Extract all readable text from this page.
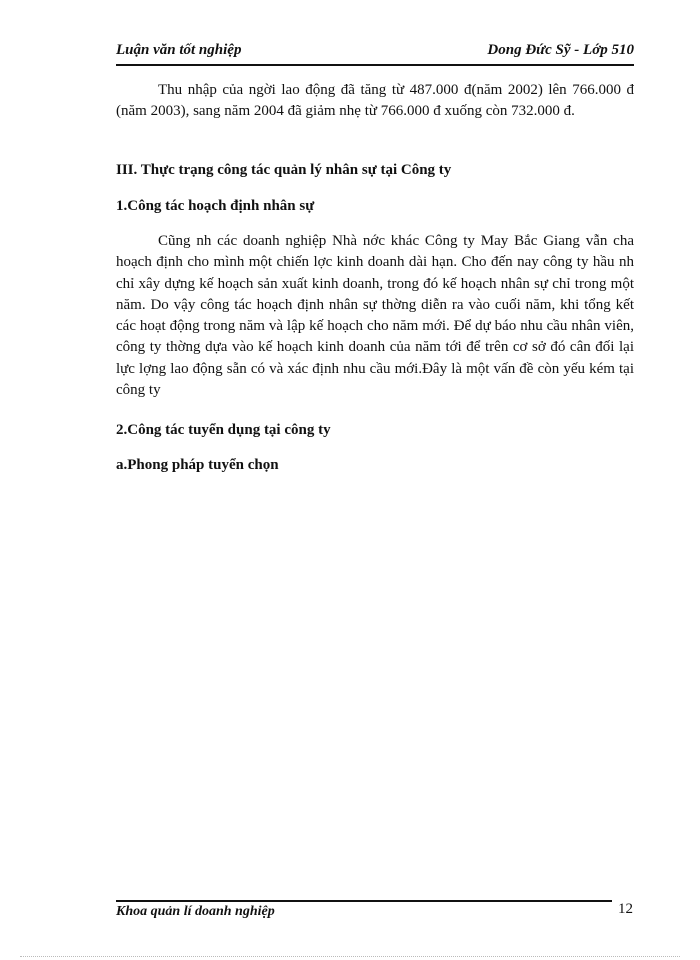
Luận văn tốt nghiệp	Dong Đức Sỹ - Lớp 510

Thu nhập của ngời lao động đã tăng từ 487.000 đ(năm 2002) lên 766.000 đ (năm 2003), sang năm 2004 đã giảm nhẹ từ 766.000 đ xuống còn 732.000 đ.

III. Thực trạng công tác quản lý nhân sự tại Công ty

1.Công tác hoạch định nhân sự

Cũng nh các doanh nghiệp Nhà nớc khác Công ty May Bắc Giang vẫn cha hoạch định cho mình một chiến lợc kinh doanh dài hạn. Cho đến nay công ty hầu nh chỉ xây dựng kế hoạch sản xuất kinh doanh, trong đó kế hoạch nhân sự chỉ trong một năm. Do vậy công tác hoạch định nhân sự thờng diễn ra vào cuối năm, khi tổng kết các hoạt động trong năm và lập kế hoạch cho năm mới. Để dự báo nhu cầu nhân viên, công ty thờng dựa vào kế hoạch kinh doanh của năm tới để trên cơ sở đó cân đối lại lực lợng lao động sẵn có và xác định nhu cầu mới.Đây là một vấn đề còn yếu kém tại công ty

2.Công tác tuyển dụng tại công ty

a.Phong pháp tuyển chọn

Khoa quản lí doanh nghiệp	12
